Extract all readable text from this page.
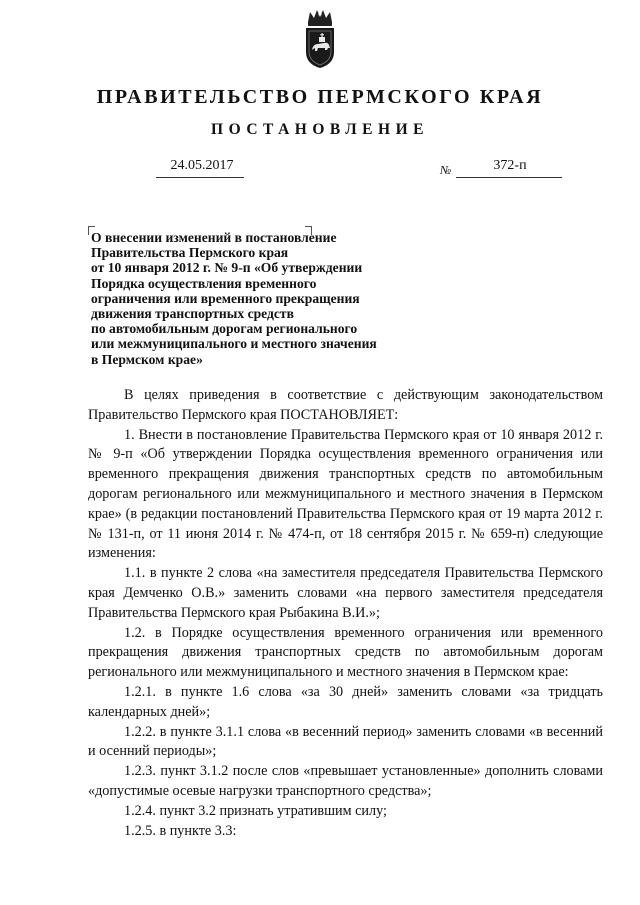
ПРАВИТЕЛЬСТВО ПЕРМСКОГО КРАЯ
ПОСТАНОВЛЕНИЕ
24.05.2017	№	372-п
О внесении изменений в постановление
Правительства Пермского края
от 10 января 2012 г. № 9-п «Об утверждении
Порядка осуществления временного
ограничения или временного прекращения
движения транспортных средств
по автомобильным дорогам регионального
или межмуниципального и местного значения
в Пермском крае»

В целях приведения в соответствие с действующим законодательством Правительство Пермского края ПОСТАНОВЛЯЕТ:

1. Внести в постановление Правительства Пермского края от 10 января 2012 г. № 9-п «Об утверждении Порядка осуществления временного ограничения или временного прекращения движения транспортных средств по автомобильным дорогам регионального или межмуниципального и местного значения в Пермском крае» (в редакции постановлений Правительства Пермского края от 19 марта 2012 г. № 131-п, от 11 июня 2014 г. № 474-п, от 18 сентября 2015 г. № 659-п) следующие изменения:

1.1. в пункте 2 слова «на заместителя председателя Правительства Пермского края Демченко О.В.» заменить словами «на первого заместителя председателя Правительства Пермского края Рыбакина В.И.»;

1.2. в Порядке осуществления временного ограничения или временного прекращения движения транспортных средств по автомобильным дорогам регионального или межмуниципального и местного значения в Пермском крае:

1.2.1. в пункте 1.6 слова «за 30 дней» заменить словами «за тридцать календарных дней»;

1.2.2. в пункте 3.1.1 слова «в весенний период» заменить словами «в весенний и осенний периоды»;

1.2.3. пункт 3.1.2 после слов «превышает установленные» дополнить словами «допустимые осевые нагрузки транспортного средства»;

1.2.4. пункт 3.2 признать утратившим силу;

1.2.5. в пункте 3.3:
